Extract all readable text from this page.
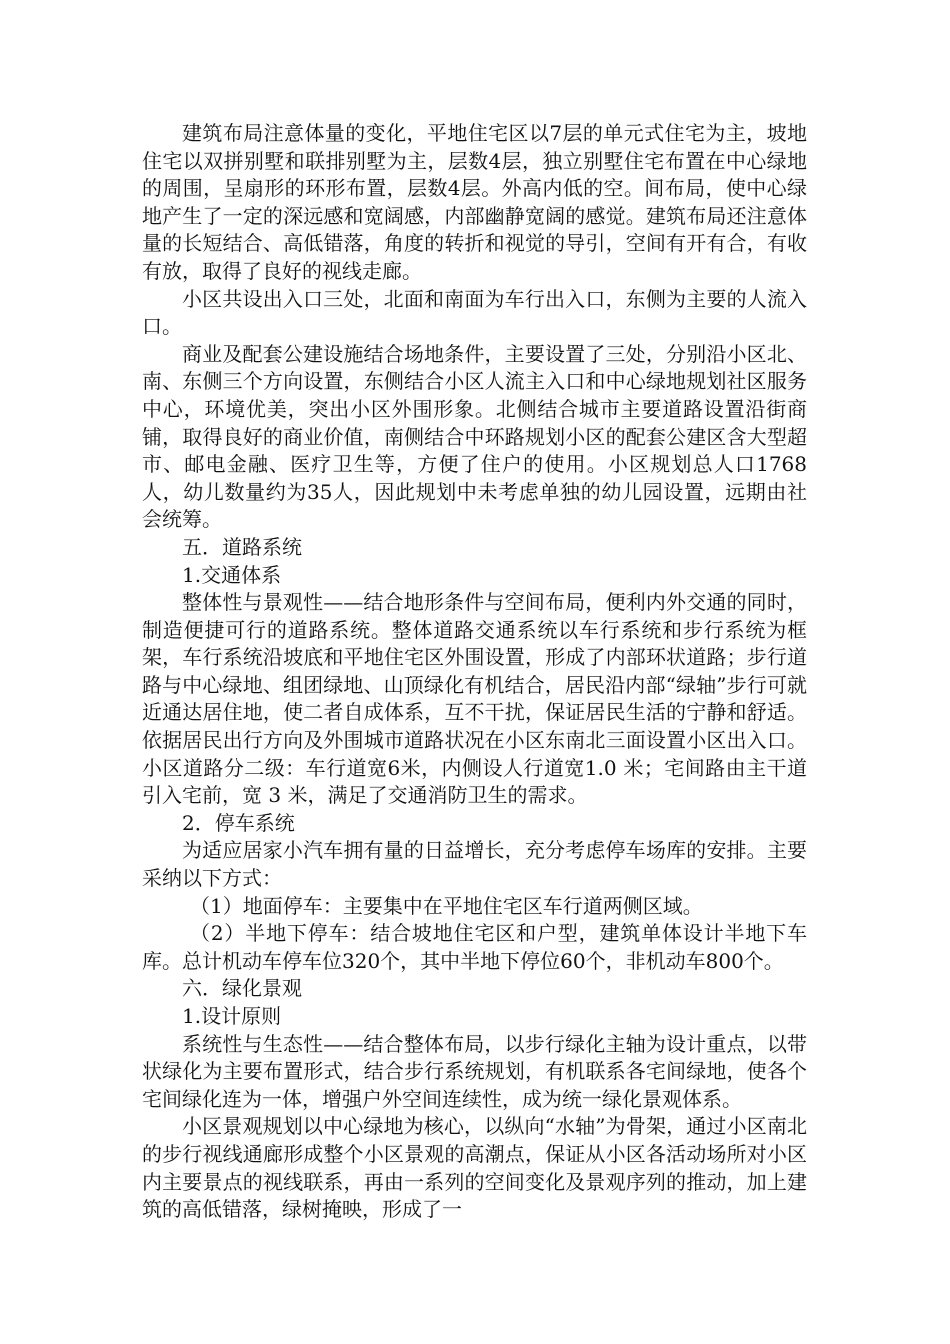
建筑布局注意体量的变化，平地住宅区以7层的单元式住宅为主，坡地住宅以双拼别墅和联排别墅为主，层数4层，独立别墅住宅布置在中心绿地的周围，呈扇形的环形布置，层数4层。外高内低的空。间布局，使中心绿地产生了一定的深远感和宽阔感，内部幽静宽阔的感觉。建筑布局还注意体量的长短结合、高低错落，角度的转折和视觉的导引，空间有开有合，有收有放，取得了良好的视线走廊。

小区共设出入口三处，北面和南面为车行出入口，东侧为主要的人流入口。

商业及配套公建设施结合场地条件，主要设置了三处，分别沿小区北、南、东侧三个方向设置，东侧结合小区人流主入口和中心绿地规划社区服务中心，环境优美，突出小区外围形象。北侧结合城市主要道路设置沿街商铺，取得良好的商业价值，南侧结合中环路规划小区的配套公建区含大型超市、邮电金融、医疗卫生等，方便了住户的使用。小区规划总人口1768人，幼儿数量约为35人，因此规划中未考虑单独的幼儿园设置，远期由社会统筹。

五．道路系统

1.交通体系

整体性与景观性——结合地形条件与空间布局，便利内外交通的同时，制造便捷可行的道路系统。整体道路交通系统以车行系统和步行系统为框架，车行系统沿坡底和平地住宅区外围设置，形成了内部环状道路；步行道路与中心绿地、组团绿地、山顶绿化有机结合，居民沿内部“绿轴”步行可就近通达居住地，使二者自成体系，互不干扰，保证居民生活的宁静和舒适。依据居民出行方向及外围城市道路状况在小区东南北三面设置小区出入口。小区道路分二级：车行道宽6米，内侧设人行道宽1.0 米；宅间路由主干道引入宅前，宽 3 米，满足了交通消防卫生的需求。

2．停车系统

为适应居家小汽车拥有量的日益增长，充分考虑停车场库的安排。主要采纳以下方式：

（1）地面停车：主要集中在平地住宅区车行道两侧区域。

（2）半地下停车：结合坡地住宅区和户型，建筑单体设计半地下车库。总计机动车停车位320个，其中半地下停位60个，非机动车800个。

六．绿化景观

1.设计原则

系统性与生态性——结合整体布局，以步行绿化主轴为设计重点，以带状绿化为主要布置形式，结合步行系统规划，有机联系各宅间绿地，使各个宅间绿化连为一体，增强户外空间连续性，成为统一绿化景观体系。

小区景观规划以中心绿地为核心，以纵向“水轴”为骨架，通过小区南北的步行视线通廊形成整个小区景观的高潮点，保证从小区各活动场所对小区内主要景点的视线联系，再由一系列的空间变化及景观序列的推动，加上建筑的高低错落，绿树掩映，形成了一
